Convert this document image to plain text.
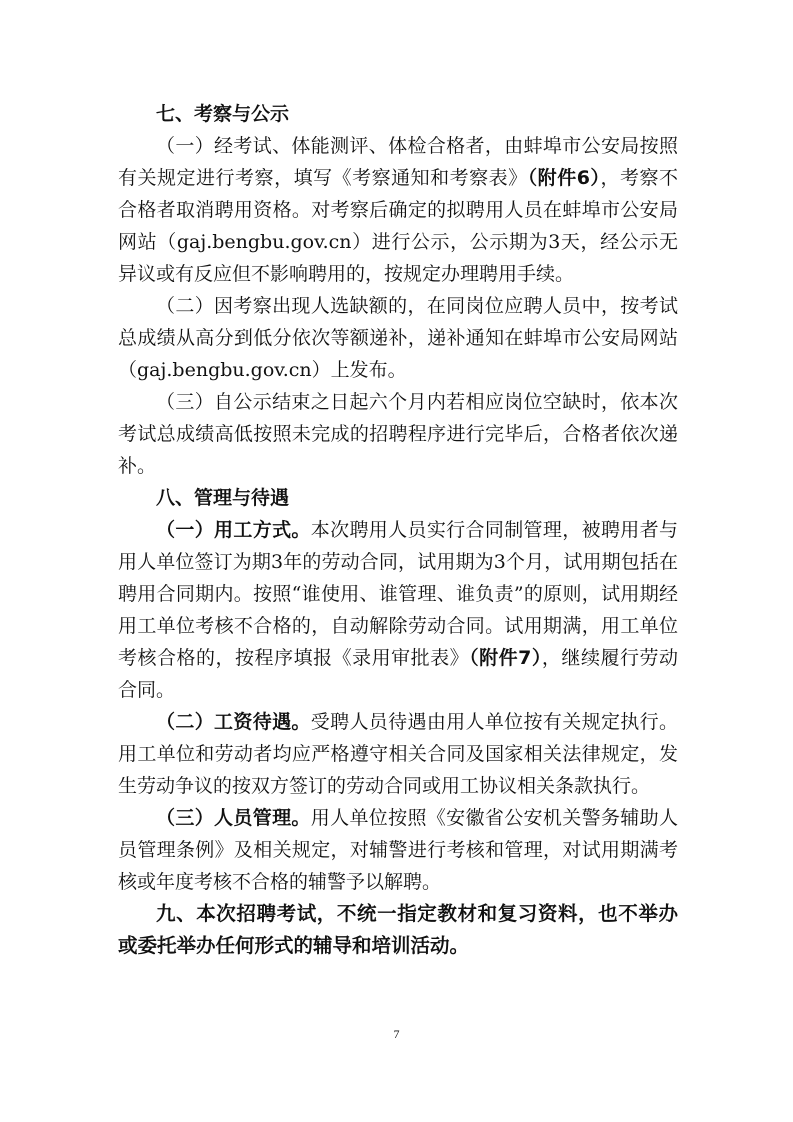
七、考察与公示
（一）经考试、体能测评、体检合格者，由蚌埠市公安局按照有关规定进行考察，填写《考察通知和考察表》（附件6），考察不合格者取消聘用资格。对考察后确定的拟聘用人员在蚌埠市公安局网站（gaj.bengbu.gov.cn）进行公示，公示期为3天，经公示无异议或有反应但不影响聘用的，按规定办理聘用手续。
（二）因考察出现人选缺额的，在同岗位应聘人员中，按考试总成绩从高分到低分依次等额递补，递补通知在蚌埠市公安局网站（gaj.bengbu.gov.cn）上发布。
（三）自公示结束之日起六个月内若相应岗位空缺时，依本次考试总成绩高低按照未完成的招聘程序进行完毕后，合格者依次递补。
八、管理与待遇
（一）用工方式。本次聘用人员实行合同制管理，被聘用者与用人单位签订为期3年的劳动合同，试用期为3个月，试用期包括在聘用合同期内。按照“谁使用、谁管理、谁负责”的原则，试用期经用工单位考核不合格的，自动解除劳动合同。试用期满，用工单位考核合格的，按程序填报《录用审批表》（附件7），继续履行劳动合同。
（二）工资待遇。受聘人员待遇由用人单位按有关规定执行。用工单位和劳动者均应严格遵守相关合同及国家相关法律规定，发生劳动争议的按双方签订的劳动合同或用工协议相关条款执行。
（三）人员管理。用人单位按照《安徽省公安机关警务辅助人员管理条例》及相关规定，对辅警进行考核和管理，对试用期满考核或年度考核不合格的辅警予以解聘。
九、本次招聘考试，不统一指定教材和复习资料，也不举办或委托举办任何形式的辅导和培训活动。
7
